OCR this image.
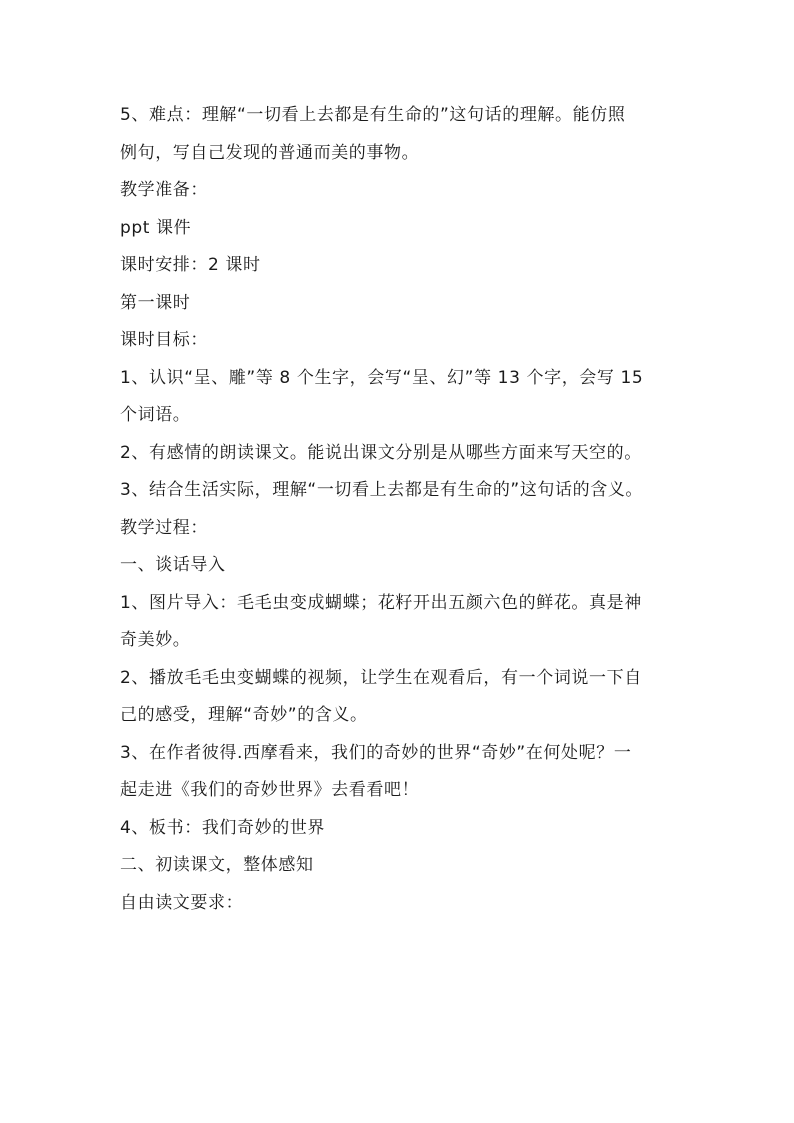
5、难点：理解“一切看上去都是有生命的”这句话的理解。能仿照
例句，写自己发现的普通而美的事物。
教学准备：
ppt 课件
课时安排：2 课时
第一课时
课时目标：
1、认识“呈、雕”等 8 个生字，会写“呈、幻”等 13 个字，会写 15
个词语。
2、有感情的朗读课文。能说出课文分别是从哪些方面来写天空的。
3、结合生活实际，理解“一切看上去都是有生命的”这句话的含义。
教学过程：
一、谈话导入
1、图片导入：毛毛虫变成蝴蝶；花籽开出五颜六色的鲜花。真是神
奇美妙。
2、播放毛毛虫变蝴蝶的视频，让学生在观看后，有一个词说一下自
己的感受，理解“奇妙”的含义。
3、在作者彼得.西摩看来，我们的奇妙的世界“奇妙”在何处呢？一
起走进《我们的奇妙世界》去看看吧！
4、板书：我们奇妙的世界
二、初读课文，整体感知
自由读文要求：
